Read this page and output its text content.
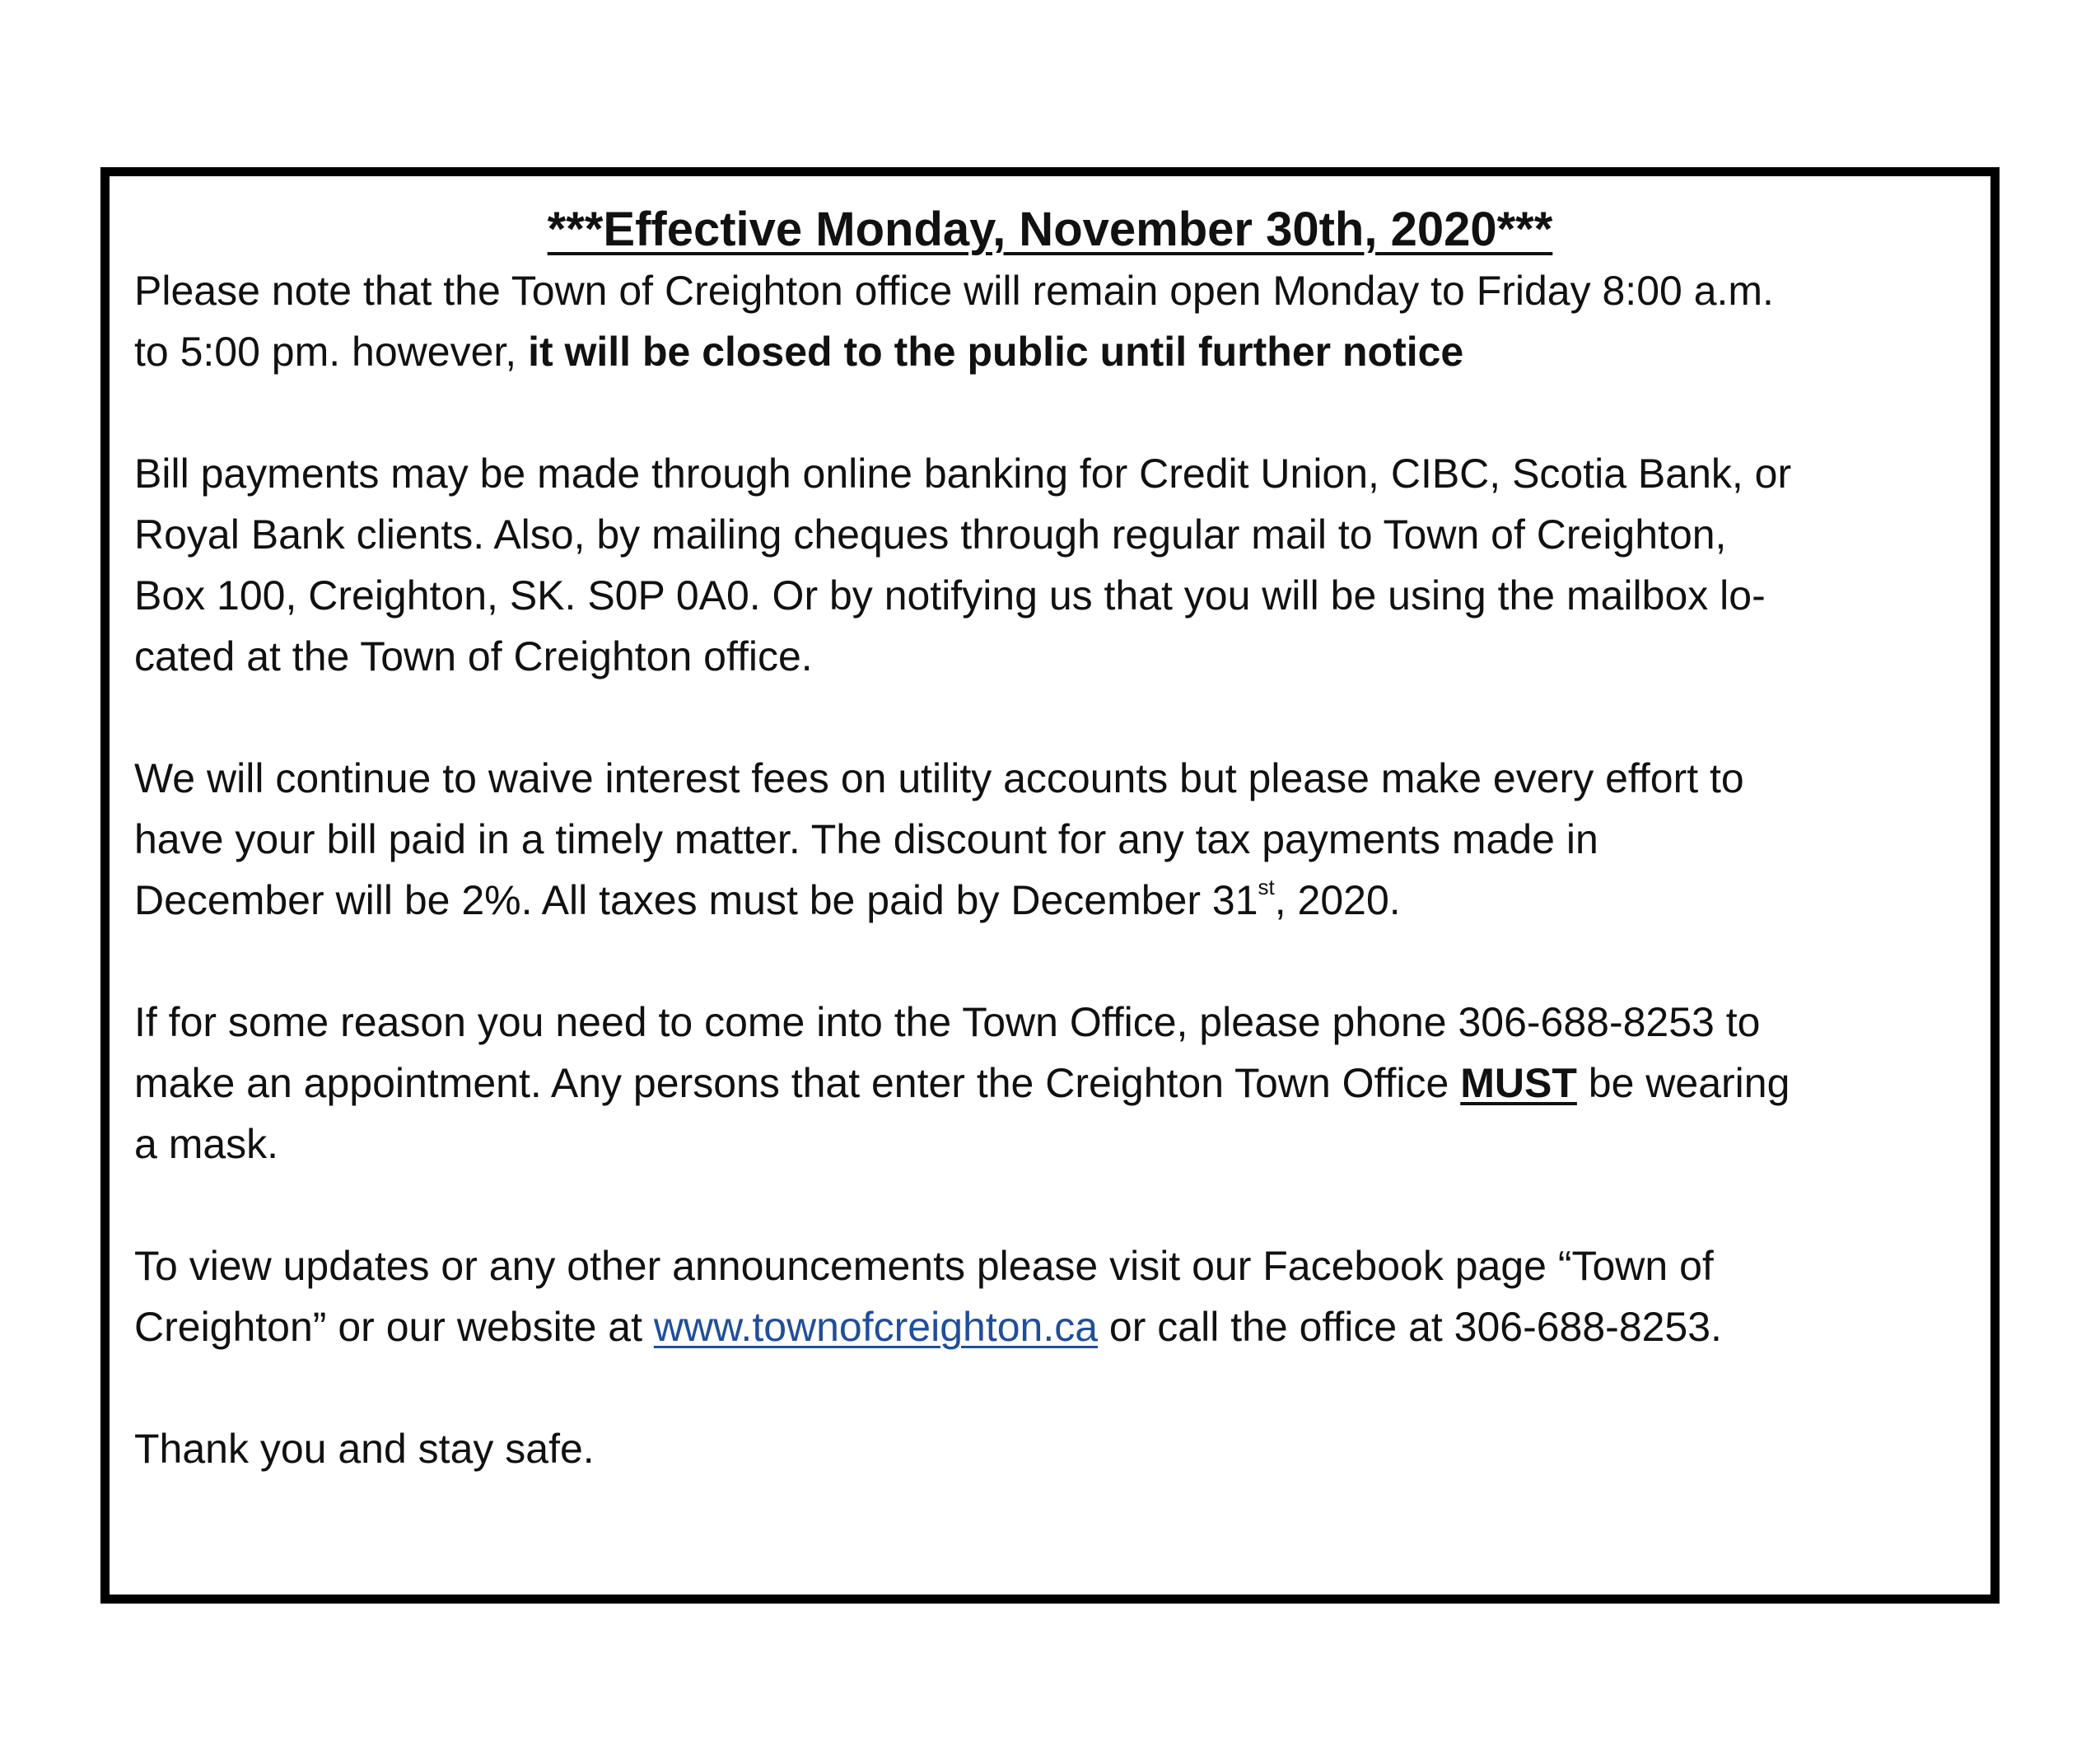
***Effective Monday, November 30th, 2020***

Please note that the Town of Creighton office will remain open Monday to Friday 8:00 a.m.
to 5:00 pm. however, it will be closed to the public until further notice

Bill payments may be made through online banking for Credit Union, CIBC, Scotia Bank, or
Royal Bank clients. Also, by mailing cheques through regular mail to Town of Creighton,
Box 100, Creighton, SK. S0P 0A0. Or by notifying us that you will be using the mailbox lo-
cated at the Town of Creighton office.

We will continue to waive interest fees on utility accounts but please make every effort to
have your bill paid in a timely matter. The discount for any tax payments made in
December will be 2%. All taxes must be paid by December 31st, 2020.

If for some reason you need to come into the Town Office, please phone 306-688-8253 to
make an appointment. Any persons that enter the Creighton Town Office MUST be wearing
a mask.

To view updates or any other announcements please visit our Facebook page “Town of
Creighton” or our website at www.townofcreighton.ca or call the office at 306-688-8253.

Thank you and stay safe.
